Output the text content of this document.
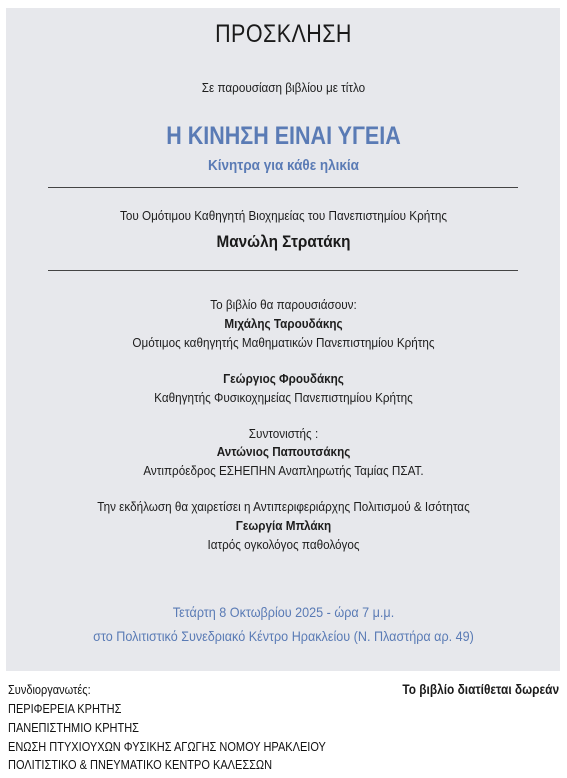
ΠΡΟΣΚΛΗΣΗ
Σε παρουσίαση βιβλίου με τίτλο
Η ΚΙΝΗΣΗ ΕΙΝΑΙ ΥΓΕΙΑ
Κίνητρα για κάθε ηλικία
Του Ομότιμου Καθηγητή Βιοχημείας του Πανεπιστημίου Κρήτης
Μανώλη Στρατάκη
Το βιβλίο θα παρουσιάσουν:
Μιχάλης Ταρουδάκης
Ομότιμος καθηγητής Μαθηματικών Πανεπιστημίου Κρήτης
Γεώργιος Φρουδάκης
Καθηγητής Φυσικοχημείας Πανεπιστημίου Κρήτης
Συντονιστής :
Αντώνιος Παπουτσάκης
Αντιπρόεδρος ΕΣΗΕΠΗΝ Αναπληρωτής Ταμίας ΠΣΑΤ.
Την εκδήλωση θα χαιρετίσει η Αντιπεριφεριάρχης Πολιτισμού & Ισότητας
Γεωργία Μπλάκη
Ιατρός ογκολόγος παθολόγος
Τετάρτη 8 Οκτωβρίου 2025 - ώρα 7 μ.μ.
στο Πολιτιστικό Συνεδριακό Κέντρο Ηρακλείου (Ν. Πλαστήρα αρ. 49)
Συνδιοργανωτές:
ΠΕΡΙΦΕΡΕΙΑ ΚΡΗΤΗΣ
ΠΑΝΕΠΙΣΤΗΜΙΟ ΚΡΗΤΗΣ
ΕΝΩΣΗ ΠΤΥΧΙΟΥΧΩΝ ΦΥΣΙΚΗΣ ΑΓΩΓΗΣ ΝΟΜΟΥ ΗΡΑΚΛΕΙΟΥ
ΠΟΛΙΤΙΣΤΙΚΟ & ΠΝΕΥΜΑΤΙΚΟ ΚΕΝΤΡΟ ΚΑΛΕΣΣΩΝ
Το βιβλίο διατίθεται δωρεάν
